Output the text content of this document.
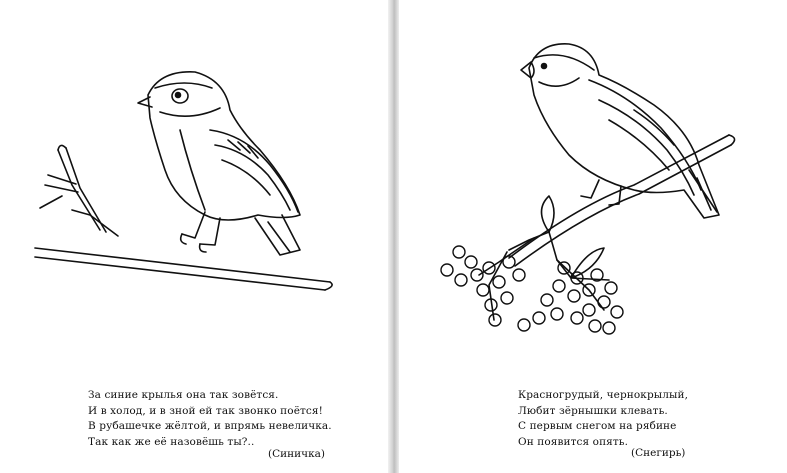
За синие крылья она так зовётся.
И в холод, и в зной ей так звонко поётся!
В рубашечке жёлтой, и впрямь невеличка.
Так как же её назовёшь ты?..
(Синичка)
Красногрудый, чернокрылый,
Любит зёрнышки клевать.
С первым снегом на рябине
Он появится опять.
(Снегирь)
